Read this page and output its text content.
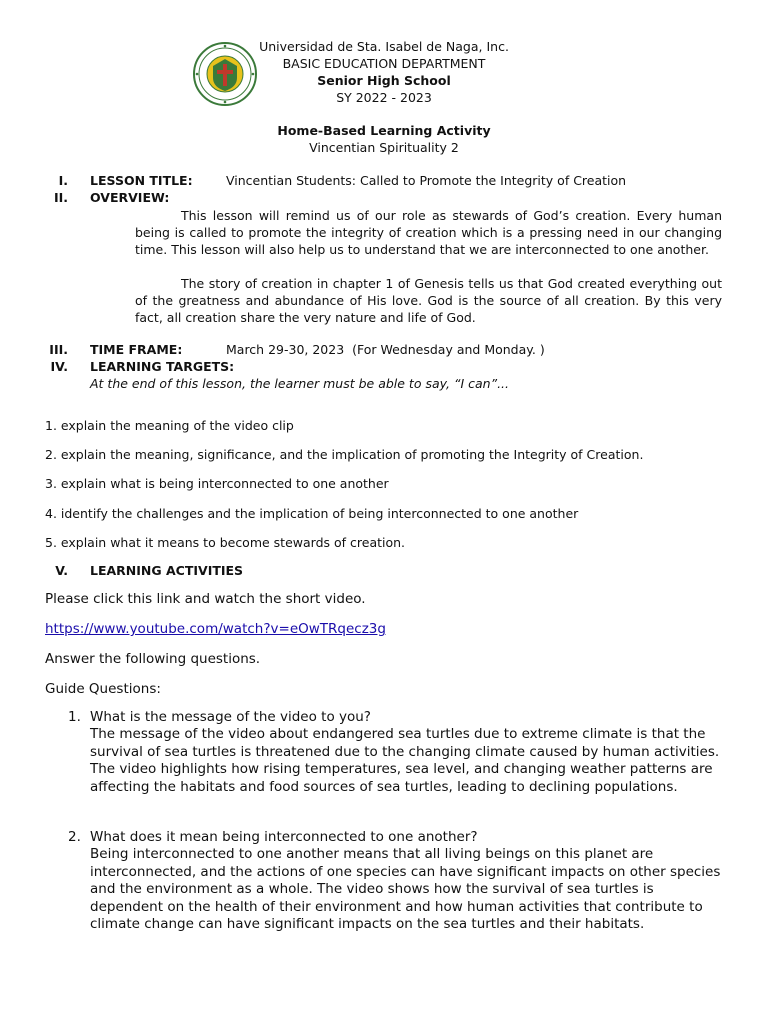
Universidad de Sta. Isabel de Naga, Inc.
BASIC EDUCATION DEPARTMENT
Senior High School
SY 2022 - 2023
Home-Based Learning Activity
Vincentian Spirituality 2
I. LESSON TITLE:	Vincentian Students: Called to Promote the Integrity of Creation
II. OVERVIEW:
This lesson will remind us of our role as stewards of God’s creation. Every human being is called to promote the integrity of creation which is a pressing need in our changing time. This lesson will also help us to understand that we are interconnected to one another.
The story of creation in chapter 1 of Genesis tells us that God created everything out of the greatness and abundance of His love. God is the source of all creation. By this very fact, all creation share the very nature and life of God.
III. TIME FRAME:	March 29-30, 2023  (For Wednesday and Monday. )
IV. LEARNING TARGETS:
At the end of this lesson, the learner must be able to say, “I can”...
1. explain the meaning of the video clip
2. explain the meaning, significance, and the implication of promoting the Integrity of Creation.
3. explain what is being interconnected to one another
4. identify the challenges and the implication of being interconnected to one another
5. explain what it means to become stewards of creation.
V. LEARNING ACTIVITIES
Please click this link and watch the short video.
https://www.youtube.com/watch?v=eOwTRqecz3g
Answer the following questions.
Guide Questions:
1. What is the message of the video to you?
The message of the video about endangered sea turtles due to extreme climate is that the survival of sea turtles is threatened due to the changing climate caused by human activities. The video highlights how rising temperatures, sea level, and changing weather patterns are affecting the habitats and food sources of sea turtles, leading to declining populations.
2. What does it mean being interconnected to one another?
Being interconnected to one another means that all living beings on this planet are interconnected, and the actions of one species can have significant impacts on other species and the environment as a whole. The video shows how the survival of sea turtles is dependent on the health of their environment and how human activities that contribute to climate change can have significant impacts on the sea turtles and their habitats.
